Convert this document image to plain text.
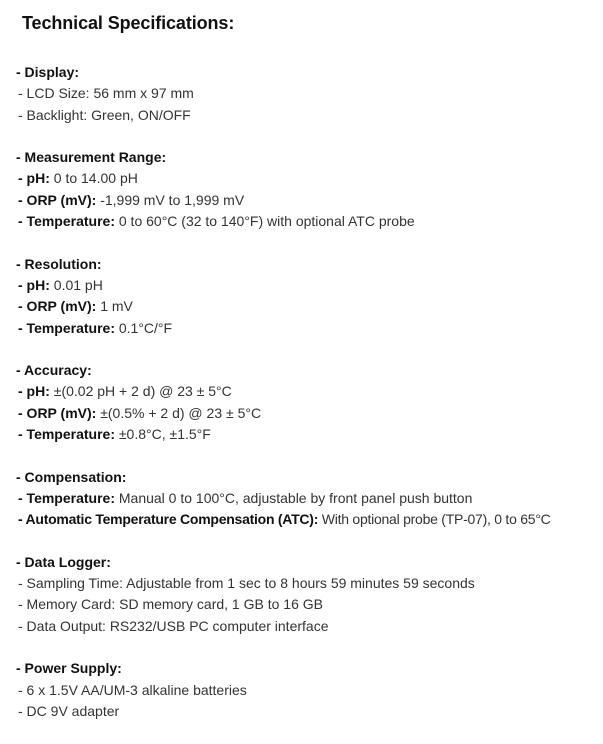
Technical Specifications:
- Display:
- LCD Size: 56 mm x 97 mm
- Backlight: Green, ON/OFF
- Measurement Range:
- pH: 0 to 14.00 pH
- ORP (mV): -1,999 mV to 1,999 mV
- Temperature: 0 to 60°C (32 to 140°F) with optional ATC probe
- Resolution:
- pH: 0.01 pH
- ORP (mV): 1 mV
- Temperature: 0.1°C/°F
- Accuracy:
- pH: ±(0.02 pH + 2 d) @ 23 ± 5°C
- ORP (mV): ±(0.5% + 2 d) @ 23 ± 5°C
- Temperature: ±0.8°C, ±1.5°F
- Compensation:
- Temperature: Manual 0 to 100°C, adjustable by front panel push button
- Automatic Temperature Compensation (ATC): With optional probe (TP-07), 0 to 65°C
- Data Logger:
- Sampling Time: Adjustable from 1 sec to 8 hours 59 minutes 59 seconds
- Memory Card: SD memory card, 1 GB to 16 GB
- Data Output: RS232/USB PC computer interface
- Power Supply:
- 6 x 1.5V AA/UM-3 alkaline batteries
- DC 9V adapter
